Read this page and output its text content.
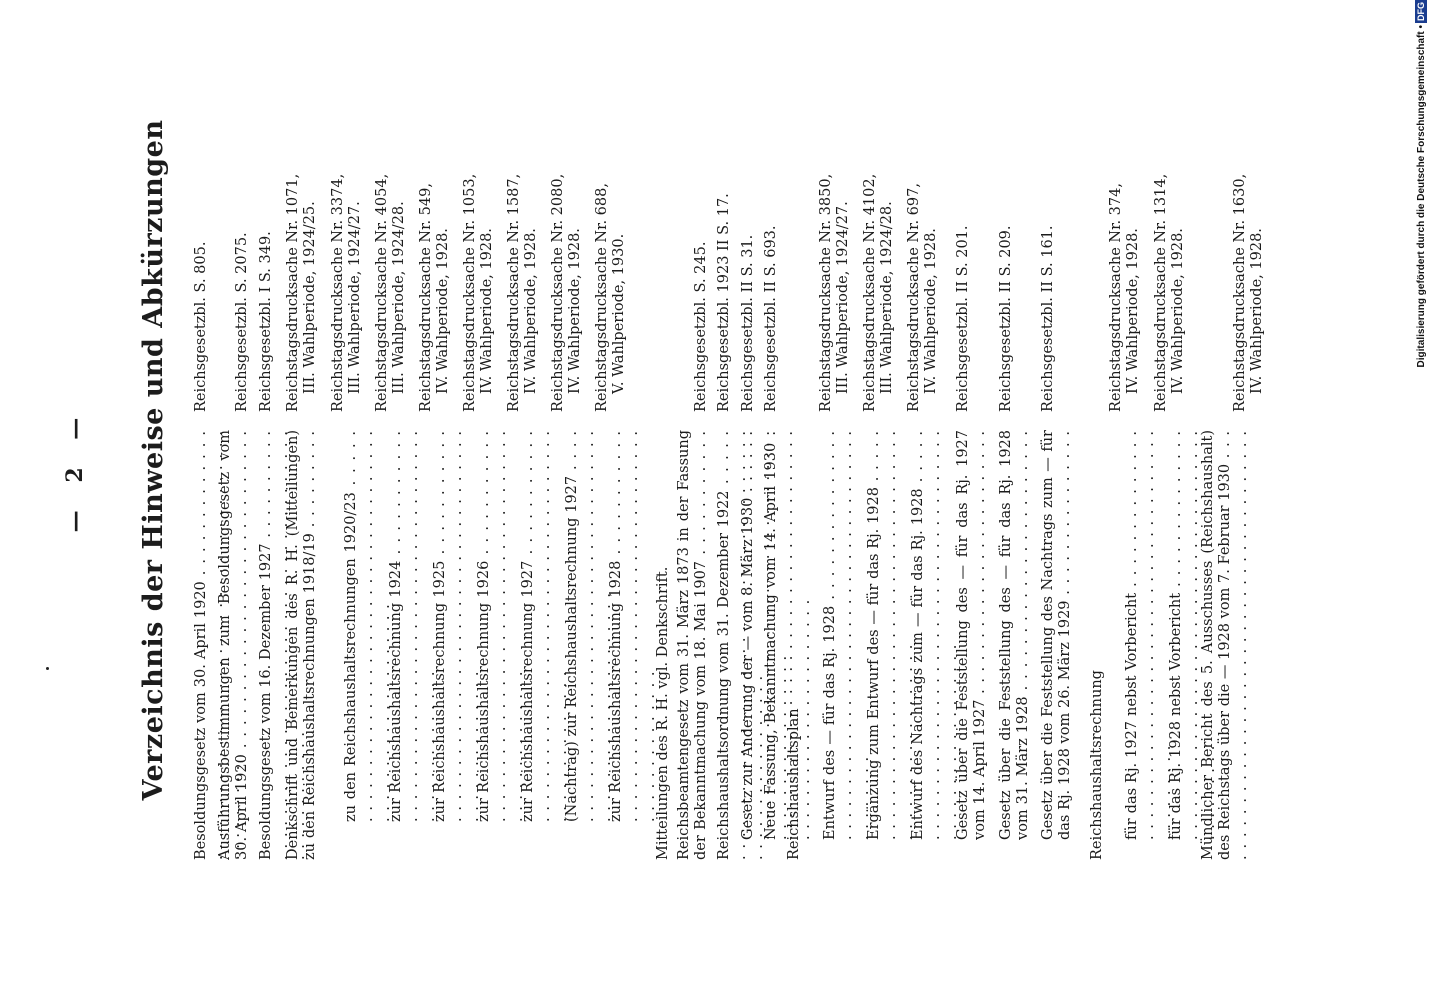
— 2 — Verzeichnis der Hinweise und Abkürzungen Besoldungsgesetz vom 30. April 1920 . . .
Reichsgesetzbl. S. 805.
Ausführungsbestimmungen zum Besoldungsgesetz vom 30. April 1920 . . .
Reichsgesetzbl. S. 2075.
Besoldungsgesetz vom 16. Dezember 1927 . . .
Reichsgesetzbl. I S. 349.
Denkschrift und Bemerkungen des R. H. (Mitteilungen) zu den Reichshaushaltsrechnungen 1918/19 . . .
Reichstagsdrucksache Nr. 1071, III. Wahlperiode, 1924/25.
zu den Reichshaushaltsrechnungen 1920/23 . . .
Reichstagsdrucksache Nr. 3374, III. Wahlperiode, 1924/27.
zur Reichshaushaltsrechnung 1924 . . .
Reichstagsdrucksache Nr. 4054, III. Wahlperiode, 1924/28.
zur Reichshaushaltsrechnung 1925 . . .
Reichstagsdrucksache Nr. 549, IV. Wahlperiode, 1928.
zur Reichshaushaltsrechnung 1926 . . .
Reichstagsdrucksache Nr. 1053, IV. Wahlperiode, 1928.
zur Reichshaushaltsrechnung 1927 . . .
Reichstagsdrucksache Nr. 1587, IV. Wahlperiode, 1928.
(Nachtrag) zur Reichshaushaltsrechnung 1927 . . .
Reichstagsdrucksache Nr. 2080, IV. Wahlperiode, 1928.
zur Reichshaushaltsrechnung 1928 . . .
Reichstagsdrucksache Nr. 688, V. Wahlperiode, 1930.
Mitteilungen des R. H. vgl. Denkschrift. Reichsbeamtengesetz vom 31. März 1873 in der Fassung der Bekanntmachung vom 18. Mai 1907 . . .
Reichsgesetzbl. S. 245.
Reichshaushaltsordnung vom 31. Dezember 1922 . . .
Reichsgesetzbl. 1923 II S. 17.
Gesetz zur Änderung der — vom 8. März 1930 . . .
Reichsgesetzbl. II S. 31.
Neue Fassung, Bekanntmachung vom 14. April 1930 . . .
Reichsgesetzbl. II S. 693.
Reichshaushaltsplan Entwurf des — für das Rj. 1928 . . .
Reichstagsdrucksache Nr. 3850, III. Wahlperiode, 1924/27.
Ergänzung zum Entwurf des — für das Rj. 1928 . . .
Reichstagsdrucksache Nr. 4102, III. Wahlperiode, 1924/28.
Entwurf des Nachtrags zum — für das Rj. 1928 . . .
Reichstagsdrucksache Nr. 697, IV. Wahlperiode, 1928.
Gesetz über die Feststellung des — für das Rj. 1927 vom 14. April 1927 . . .
Reichsgesetzbl. II S. 201.
Gesetz über die Feststellung des — für das Rj. 1928 vom 31. März 1928 . . .
Reichsgesetzbl. II S. 209.
Gesetz über die Feststellung des Nachtrags zum — für das Rj. 1928 vom 26. März 1929 . . .
Reichsgesetzbl. II S. 161.
Reichshaushaltsrechnung für das Rj. 1927 nebst Vorbericht . . .
Reichstagsdrucksache Nr. 374, IV. Wahlperiode, 1928.
für das Rj. 1928 nebst Vorbericht . . .
Reichstagsdrucksache Nr. 1314, IV. Wahlperiode, 1928.
Mündlicher Bericht des 5. Ausschusses (Reichshaushalt) des Reichstags über die — 1928 vom 7. Februar 1930 . . .
Reichstagsdrucksache Nr. 1630, IV. Wahlperiode, 1928.	Digitalisierung gefördert durch die Deutsche Forschungsgemeinschaft •DFG
